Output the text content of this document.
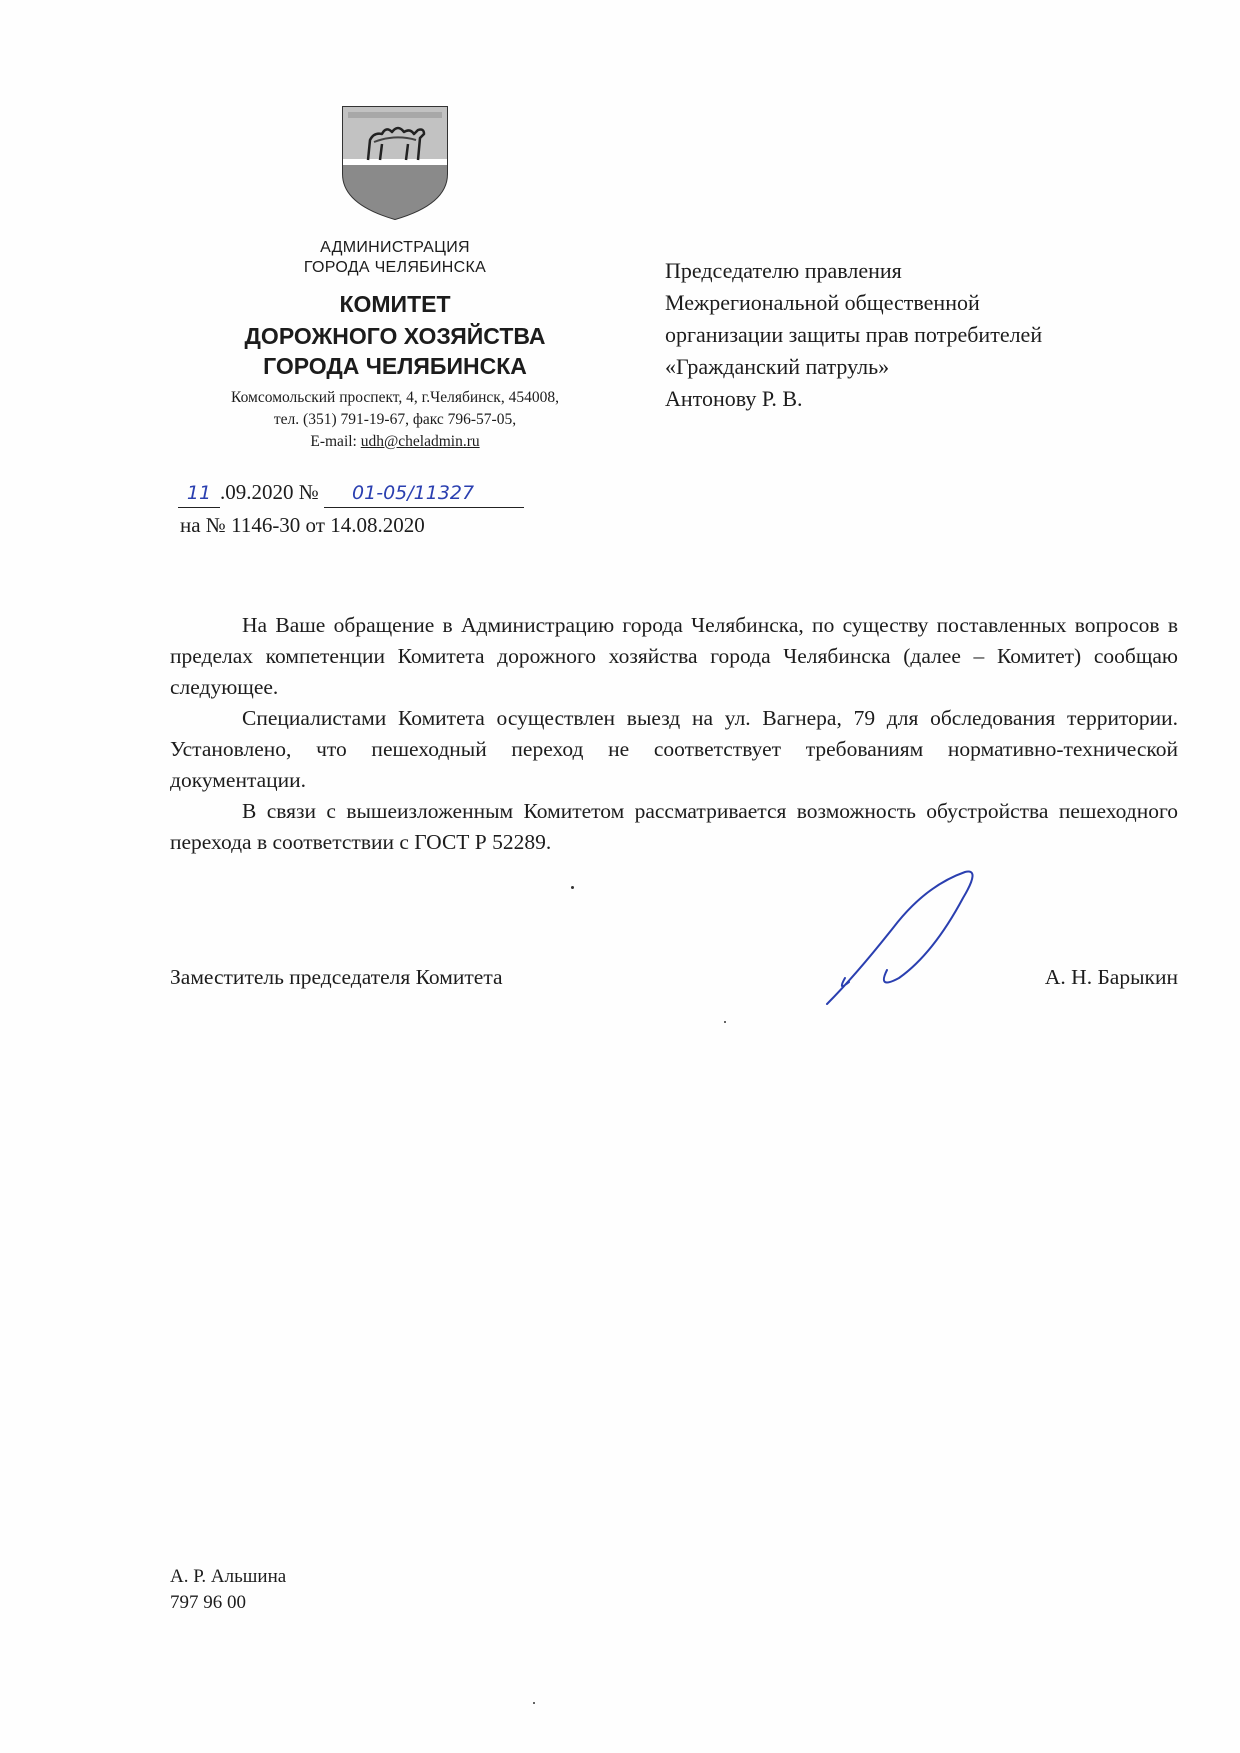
АДМИНИСТРАЦИЯ
ГОРОДА ЧЕЛЯБИНСКА
КОМИТЕТ
ДОРОЖНОГО ХОЗЯЙСТВА
ГОРОДА ЧЕЛЯБИНСКА
Комсомольский проспект, 4, г.Челябинск, 454008,
тел. (351) 791-19-67, факс 796-57-05,
E-mail: udh@cheladmin.ru
Председателю правления
Межрегиональной общественной
организации защиты прав потребителей
«Гражданский патруль»
Антонову Р. В.
11 .09.2020 № 01-05/11327
на № 1146-30 от 14.08.2020

На Ваше обращение в Администрацию города Челябинска, по существу поставленных вопросов в пределах компетенции Комитета дорожного хозяйства города Челябинска (далее – Комитет) сообщаю следующее.

Специалистами Комитета осуществлен выезд на ул. Вагнера, 79 для обследования территории. Установлено, что пешеходный переход не соответствует требованиям нормативно-технической документации.

В связи с вышеизложенным Комитетом рассматривается возможность обустройства пешеходного перехода в соответствии с ГОСТ Р 52289.

Заместитель председателя Комитета	А. Н. Барыкин
А. Р. Альшина
797 96 00
